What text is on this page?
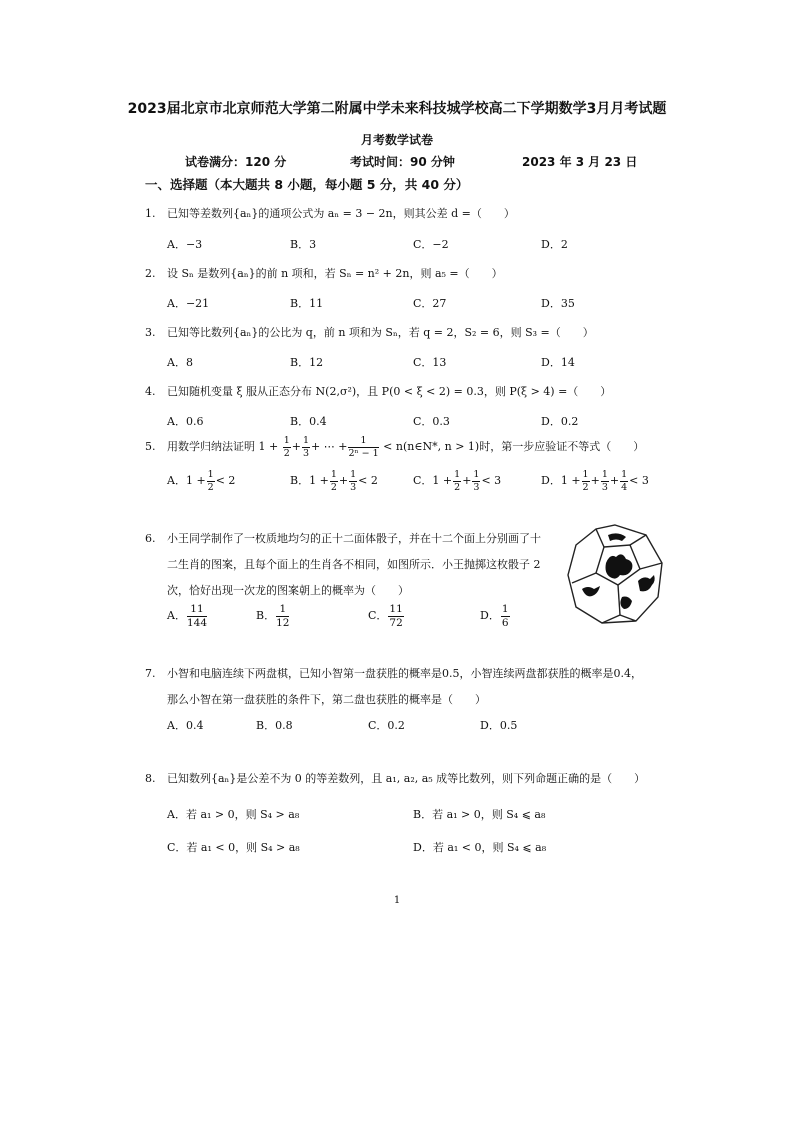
2023届北京市北京师范大学第二附属中学未来科技城学校高二下学期数学3月月考试题
月考数学试卷
试卷满分：120 分	考试时间：90 分钟	2023 年 3 月 23 日
一、选择题（本大题共 8 小题，每小题 5 分，共 40 分）
1. 已知等差数列{aₙ}的通项公式为 aₙ = 3 − 2n，则其公差 d =（　　）
A．−3	B．3	C．−2	D．2
2. 设 Sₙ 是数列{aₙ}的前 n 项和，若 Sₙ = n² + 2n，则 a₅ =（　　）
A．−21	B．11	C．27	D．35
3. 已知等比数列{aₙ}的公比为 q，前 n 项和为 Sₙ，若 q = 2，S₂ = 6，则 S₃ =（　　）
A．8	B．12	C．13	D．14
4. 已知随机变量 ξ 服从正态分布 N(2,σ²)，且 P(0 < ξ < 2) = 0.3，则 P(ξ > 4) =（　　）
A．0.6	B．0.4	C．0.3	D．0.2
5. 用数学归纳法证明 $1 + \frac{1}{2} + \frac{1}{3}$ + ⋯ + $\frac{1}{\text{2ⁿ − 1}}$ < n(n∈N*, n > 1)时，第一步应验证不等式（　　）
A．$1 + \frac{1}{2} < 2$	B．$1 + \frac{1}{2} + \frac{1}{3} < 2$	C．$1 + \frac{1}{2} + \frac{1}{3} < 3$	D．$1 + \frac{1}{2} + \frac{1}{3} + \frac{1}{4} < 3$
6. 小王同学制作了一枚质地均匀的正十二面体骰子，并在十二个面上分别画了十
二生肖的图案，且每个面上的生肖各不相同，如图所示．小王抛掷这枚骰子 2
次，恰好出现一次龙的图案朝上的概率为（　　）
A． $\frac{11}{144}$	B． $\frac{1}{12}$	C． $\frac{11}{72}$	D． $\frac{1}{6}$
7. 小智和电脑连续下两盘棋，已知小智第一盘获胜的概率是0.5，小智连续两盘都获胜的概率是0.4，
那么小智在第一盘获胜的条件下，第二盘也获胜的概率是（　　）
A．0.4	B．0.8	C．0.2	D．0.5
8. 已知数列{aₙ}是公差不为 0 的等差数列，且 a₁, a₂, a₅ 成等比数列，则下列命题正确的是（　　）
A．若 a₁ > 0，则 S₄ > a₈	B．若 a₁ > 0，则 S₄ ⩽ a₈
C．若 a₁ < 0，则 S₄ > a₈	D．若 a₁ < 0，则 S₄ ⩽ a₈
1
